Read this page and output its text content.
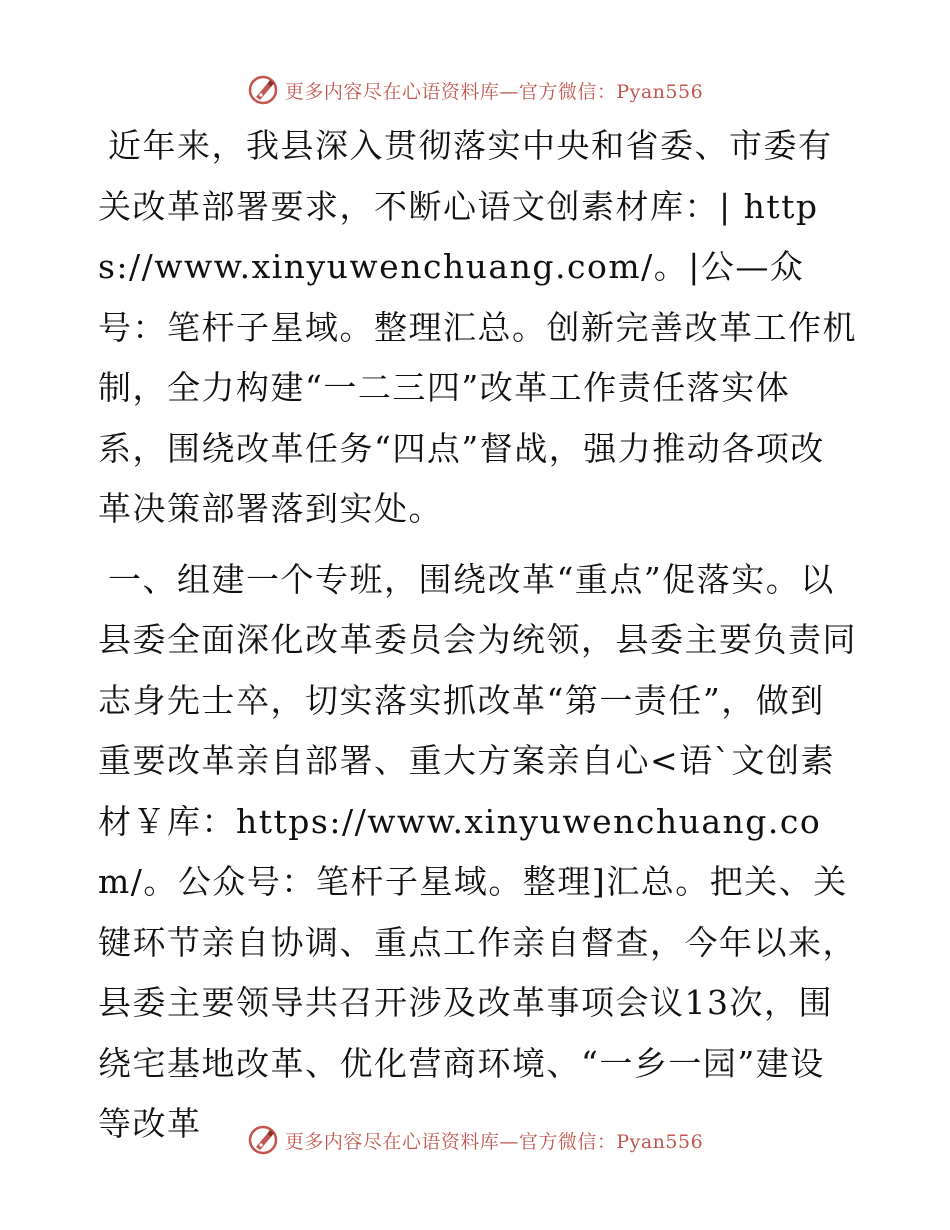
更多内容尽在心语资料库—官方微信：Pyan556

近年来，我县深入贯彻落实中央和省委、市委有关改革部署要求，不断心语文创素材库：| https://www.xinyuwenchuang.com/。|公—众号：笔杆子星域。整理汇总。创新完善改革工作机制，全力构建“一二三四”改革工作责任落实体系，围绕改革任务“四点”督战，强力推动各项改革决策部署落到实处。

一、组建一个专班，围绕改革“重点”促落实。以县委全面深化改革委员会为统领，县委主要负责同志身先士卒，切实落实抓改革“第一责任”，做到重要改革亲自部署、重大方案亲自心<语`文创素材￥库：https://www.xinyuwenchuang.com/。公众号：笔杆子星域。整理]汇总。把关、关键环节亲自协调、重点工作亲自督查，今年以来，县委主要领导共召开涉及改革事项会议13次，围绕宅基地改革、优化营商环境、“一乡一园”建设等改革	更多内容尽在心语资料库—官方微信：Pyan556
